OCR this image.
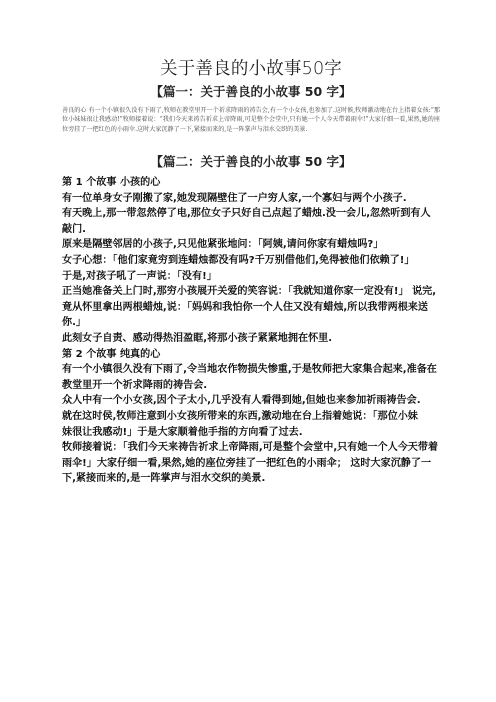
关于善良的小故事50字
【篇一：关于善良的小故事 50 字】

善良的心 有一个小镇很久没有下雨了,牧师在教堂里开一个祈求降雨的祷告会,有一个小女孩,也参加了.这时候,牧师激动地在台上指着女孩:“那位小妹妹很让我感动!”牧师接着说：“我们今天来祷告祈求上帝降雨,可是整个会堂中,只有她一个人今天带着雨伞!”大家仔细一看,果然,她的座位旁挂了一把红色的小雨伞.这时大家沉静了一下,紧接而来的,是一阵掌声与泪水交织的美景.

【篇二：关于善良的小故事 50 字】

第 1 个故事 小孩的心

有一位单身女子刚搬了家,她发现隔壁住了一户穷人家,一个寡妇与两个小孩子.

有天晚上,那一带忽然停了电,那位女子只好自己点起了蜡烛.没一会儿,忽然听到有人敲门.

原来是隔壁邻居的小孩子,只见他紧张地问：「阿姨,请问你家有蜡烛吗?」

女子心想：「他们家竟穷到连蜡烛都没有吗?千万别借他们,免得被他们依赖了!」

于是,对孩子吼了一声说：「没有!」

正当她准备关上门时,那穷小孩展开关爱的笑容说：「我就知道你家一定没有!」 说完,竟从怀里拿出两根蜡烛,说：「妈妈和我怕你一个人住又没有蜡烛,所以我带两根来送你.」

此刻女子自责、感动得热泪盈眶,将那小孩子紧紧地拥在怀里.

第 2 个故事 纯真的心

有一个小镇很久没有下雨了,令当地农作物损失惨重,于是牧师把大家集合起来,准备在教堂里开一个祈求降雨的祷告会.

众人中有一个小女孩,因个子太小,几乎没有人看得到她,但她也来参加祈雨祷告会.

就在这时侯,牧师注意到小女孩所带来的东西,激动地在台上指着她说：「那位小妹

妹很让我感动!」于是大家顺着他手指的方向看了过去.

牧师接着说：「我们今天来祷告祈求上帝降雨,可是整个会堂中,只有她一个人今天带着雨伞!」大家仔细一看,果然,她的座位旁挂了一把红色的小雨伞； 这时大家沉静了一下,紧接而来的,是一阵掌声与泪水交织的美景.
